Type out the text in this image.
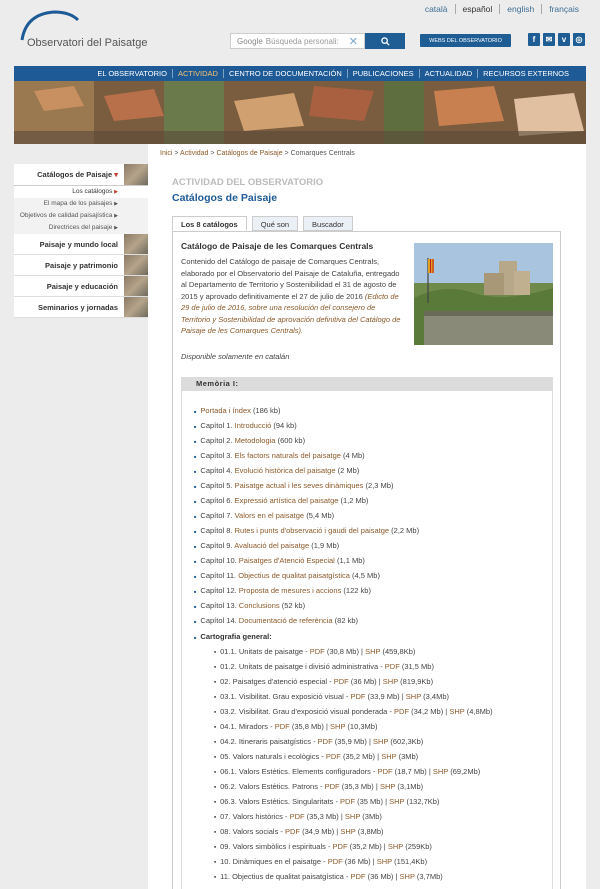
Observatori del Paisatge
català	español	english	français
Google Búsqueda personali: ✕	WEBS DEL OBSERVATORIO	f	✉	v	◎
EL OBSERVATORIO	ACTIVIDAD	CENTRO DE DOCUMENTACIÓN	PUBLICACIONES	ACTUALIDAD	RECURSOS EXTERNOS
Catálogos de Paisaje ▾
Los catálogos ▶
El mapa de los paisajes ▶
Objetivos de calidad paisajística ▶
Directrices del paisaje ▶
Paisaje y mundo local
Paisaje y patrimonio
Paisaje y educación
Seminarios y jornadas
Inici > Actividad > Catálogos de Paisaje > Comarques Centrals
ACTIVIDAD DEL OBSERVATORIO
Catálogos de Paisaje
Los 8 catálogos	Qué son	Buscador
Catálogo de Paisaje de les Comarques Centrals
Contenido del Catálogo de paisaje de Comarques Centrals, elaborado por el Observatorio del Paisaje de Cataluña, entregado al Departamento de Territorio y Sostenibilidad el 31 de agosto de 2015 y aprovado definitivamente el 27 de julio de 2016 (Edicto de 29 de julio de 2016, sobre una resolución del consejero de Territorio y Sostenibilidad de aprovación definitiva del Catálogo de Paisaje de les Comarques Centrals).
Disponible solamente en catalán
Memòria I:
■ Portada i índex (186 kb)
■ Capítol 1. Introducció (94 kb)
■ Capítol 2. Metodologia (600 kb)
■ Capítol 3. Els factors naturals del paisatge (4 Mb)
■ Capítol 4. Evolució històrica del paisatge (2 Mb)
■ Capítol 5. Paisatge actual i les seves dinàmiques (2,3 Mb)
■ Capítol 6. Expressió artística del paisatge (1,2 Mb)
■ Capítol 7. Valors en el paisatge (5,4 Mb)
■ Capítol 8. Rutes i punts d'observació i gaudi del paisatge (2,2 Mb)
■ Capítol 9. Avaluació del paisatge (1,9 Mb)
■ Capítol 10. Paisatges d'Atenció Especial (1,1 Mb)
■ Capítol 11. Objectius de qualitat paisatgística (4,5 Mb)
■ Capítol 12. Proposta de mesures i accions (122 kb)
■ Capítol 13. Conclusions (52 kb)
■ Capítol 14. Documentació de referència (82 kb)
■ Cartografia general:
■ 01.1. Unitats de paisatge - PDF (30,8 Mb) | SHP (459,8Kb)
■ 01.2. Unitats de paisatge i divisió administrativa - PDF (31,5 Mb)
■ 02. Paisatges d'atenció especial - PDF (36 Mb) | SHP (819,9Kb)
■ 03.1. Visibilitat. Grau exposició visual - PDF (33,9 Mb) | SHP (3,4Mb)
■ 03.2. Visibilitat. Grau d'exposició visual ponderada - PDF (34,2 Mb) | SHP (4,8Mb)
■ 04.1. Miradors - PDF (35,8 Mb) | SHP (10,3Mb)
■ 04.2. Itineraris paisatgístics - PDF (35,9 Mb) | SHP (602,3Kb)
■ 05. Valors naturals i ecològics - PDF (35,2 Mb) | SHP (3Mb)
■ 06.1. Valors Estètics. Elements configuradors - PDF (18,7 Mb) | SHP (69,2Mb)
■ 06.2. Valors Estètics. Patrons - PDF (35,3 Mb) | SHP (3,1Mb)
■ 06.3. Valors Estètics. Singularitats - PDF (35 Mb) | SHP (132,7Kb)
■ 07. Valors històrics - PDF (35,3 Mb) | SHP (3Mb)
■ 08. Valors socials - PDF (34,9 Mb) | SHP (3,8Mb)
■ 09. Valors simbòlics i espirituals - PDF (35,2 Mb) | SHP (259Kb)
■ 10. Dinàmiques en el paisatge - PDF (36 Mb) | SHP (151,4Kb)
■ 11. Objectius de qualitat paisatgística - PDF (36 Mb) | SHP (3,7Mb)
